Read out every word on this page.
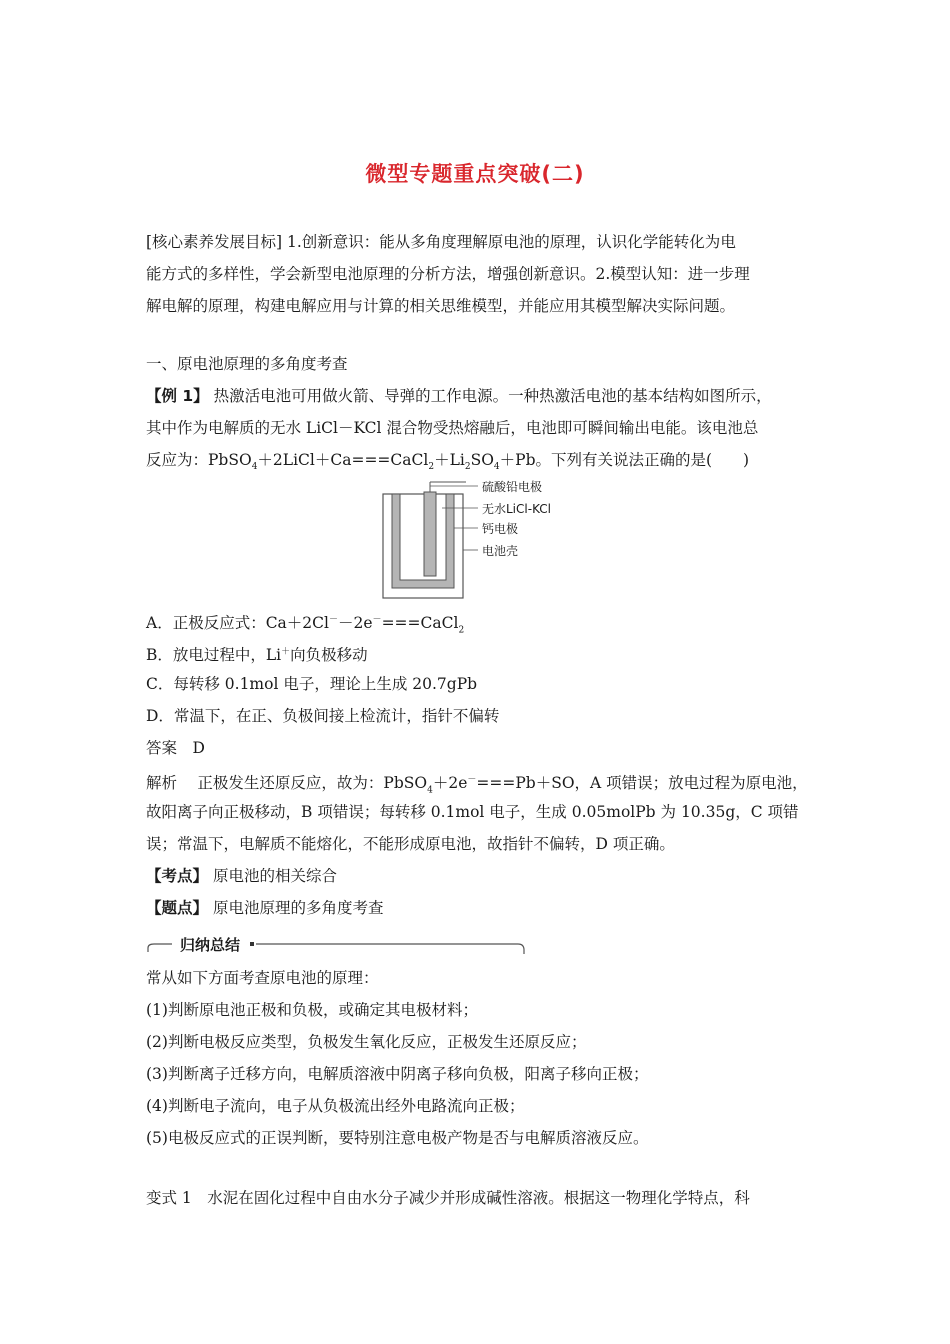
微型专题重点突破(二)
[核心素养发展目标] 1.创新意识：能从多角度理解原电池的原理，认识化学能转化为电
能方式的多样性，学会新型电池原理的分析方法，增强创新意识。2.模型认知：进一步理
解电解的原理，构建电解应用与计算的相关思维模型，并能应用其模型解决实际问题。
一、原电池原理的多角度考查
【例 1】 热激活电池可用做火箭、导弹的工作电源。一种热激活电池的基本结构如图所示，
其中作为电解质的无水 LiCl－KCl 混合物受热熔融后，电池即可瞬间输出电能。该电池总
反应为：$PbSO_4+2LiCl+Ca===CaCl_2+Li_2SO_4+Pb$。下列有关说法正确的是(　　)
硫酸铅电极
无水LiCl-KCl
钙电极
电池壳
A．正极反应式：Ca＋2Cl－－2e－===CaCl$_2$
B．放电过程中，Li＋向负极移动
C．每转移 0.1mol 电子，理论上生成 20.7gPb
D．常温下，在正、负极间接上检流计，指针不偏转
答案　D
解析　 正极发生还原反应，故为：PbSO$_4$＋2e－===Pb＋SO，A 项错误；放电过程为原电池，
故阳离子向正极移动，B 项错误；每转移 0.1mol 电子，生成 0.05molPb 为 10.35g，C 项错
误；常温下，电解质不能熔化，不能形成原电池，故指针不偏转，D 项正确。
【考点】 原电池的相关综合
【题点】 原电池原理的多角度考查
归纳总结
常从如下方面考查原电池的原理：
(1)判断原电池正极和负极，或确定其电极材料；
(2)判断电极反应类型，负极发生氧化反应，正极发生还原反应；
(3)判断离子迁移方向，电解质溶液中阴离子移向负极，阳离子移向正极；
(4)判断电子流向，电子从负极流出经外电路流向正极；
(5)电极反应式的正误判断，要特别注意电极产物是否与电解质溶液反应。
变式 1　水泥在固化过程中自由水分子减少并形成碱性溶液。根据这一物理化学特点，科
